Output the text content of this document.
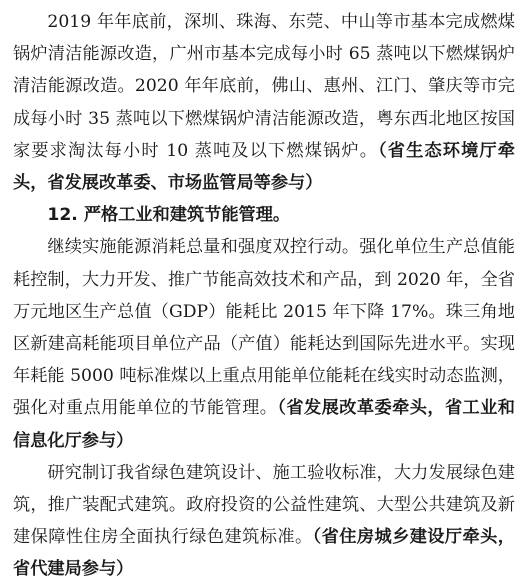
2019 年年底前，深圳、珠海、东莞、中山等市基本完成燃煤锅炉清洁能源改造，广州市基本完成每小时 65 蒸吨以下燃煤锅炉清洁能源改造。2020 年年底前，佛山、惠州、江门、肇庆等市完成每小时 35 蒸吨以下燃煤锅炉清洁能源改造，粤东西北地区按国家要求淘汰每小时 10 蒸吨及以下燃煤锅炉。（省生态环境厅牵头，省发展改革委、市场监管局等参与）

12. 严格工业和建筑节能管理。

继续实施能源消耗总量和强度双控行动。强化单位生产总值能耗控制，大力开发、推广节能高效技术和产品，到 2020 年，全省万元地区生产总值（GDP）能耗比 2015 年下降 17%。珠三角地区新建高耗能项目单位产品（产值）能耗达到国际先进水平。实现年耗能 5000 吨标准煤以上重点用能单位能耗在线实时动态监测，强化对重点用能单位的节能管理。（省发展改革委牵头，省工业和信息化厅参与）

研究制订我省绿色建筑设计、施工验收标准，大力发展绿色建筑，推广装配式建筑。政府投资的公益性建筑、大型公共建筑及新建保障性住房全面执行绿色建筑标准。（省住房城乡建设厅牵头，省代建局参与）
